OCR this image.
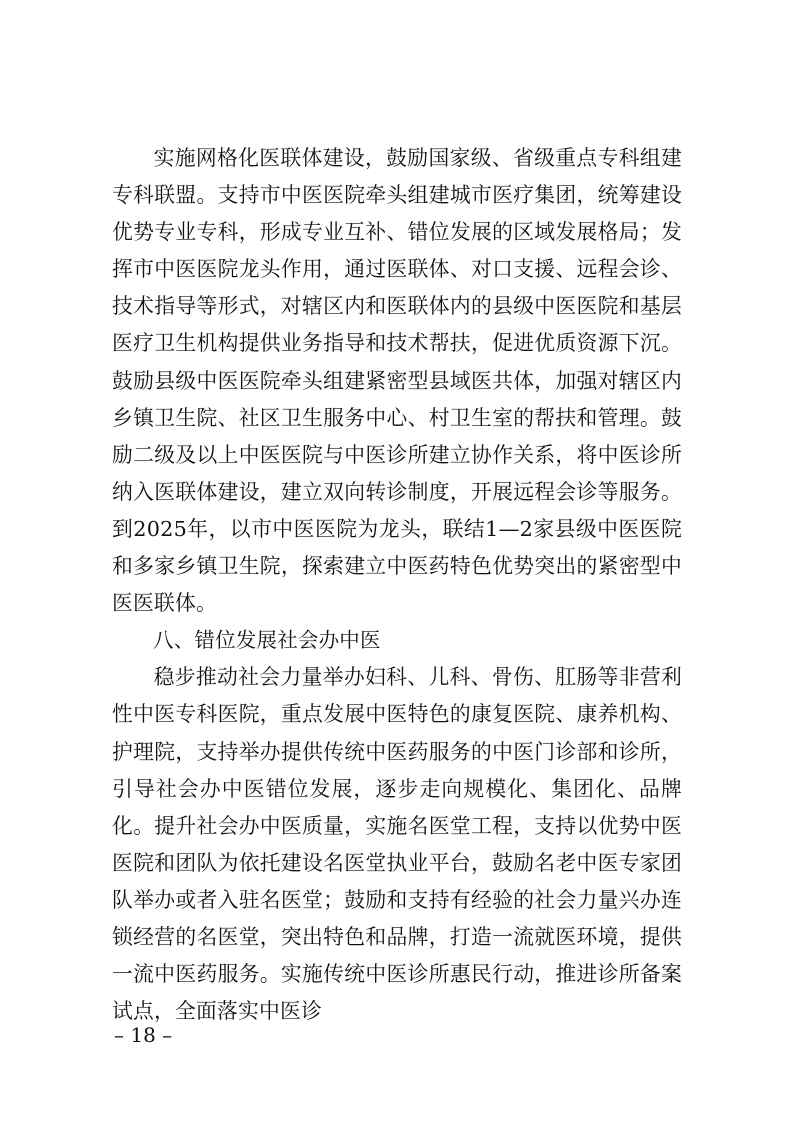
实施网格化医联体建设，鼓励国家级、省级重点专科组建专科联盟。支持市中医医院牵头组建城市医疗集团，统筹建设优势专业专科，形成专业互补、错位发展的区域发展格局；发挥市中医医院龙头作用，通过医联体、对口支援、远程会诊、技术指导等形式，对辖区内和医联体内的县级中医医院和基层医疗卫生机构提供业务指导和技术帮扶，促进优质资源下沉。鼓励县级中医医院牵头组建紧密型县域医共体，加强对辖区内乡镇卫生院、社区卫生服务中心、村卫生室的帮扶和管理。鼓励二级及以上中医医院与中医诊所建立协作关系，将中医诊所纳入医联体建设，建立双向转诊制度，开展远程会诊等服务。到2025年，以市中医医院为龙头，联结1—2家县级中医医院和多家乡镇卫生院，探索建立中医药特色优势突出的紧密型中医医联体。

八、错位发展社会办中医

稳步推动社会力量举办妇科、儿科、骨伤、肛肠等非营利性中医专科医院，重点发展中医特色的康复医院、康养机构、护理院，支持举办提供传统中医药服务的中医门诊部和诊所，引导社会办中医错位发展，逐步走向规模化、集团化、品牌化。提升社会办中医质量，实施名医堂工程，支持以优势中医医院和团队为依托建设名医堂执业平台，鼓励名老中医专家团队举办或者入驻名医堂；鼓励和支持有经验的社会力量兴办连锁经营的名医堂，突出特色和品牌，打造一流就医环境，提供一流中医药服务。实施传统中医诊所惠民行动，推进诊所备案试点，全面落实中医诊

– 18 –
